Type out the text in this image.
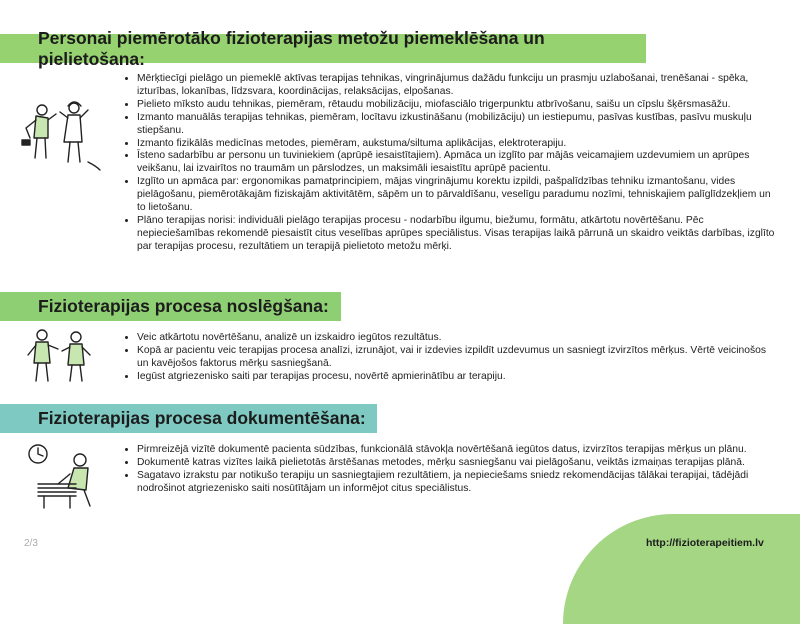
Personai piemērotāko fizioterapijas metožu piemeklēšana un pielietošana:
• Mērķtiecīgi pielāgo un piemeklē aktīvas terapijas tehnikas, vingrinājumus dažādu funkciju un prasmju uzlabošanai, trenēšanai - spēka, izturības, lokanības, līdzsvara, koordinācijas, relaksācijas, elpošanas.
• Pielieto mīksto audu tehnikas, piemēram, rētaudu mobilizāciju, miofasciālo trigerpunktu atbrīvošanu, saišu un cīpslu šķērsmasāžu.
• Izmanto manuālās terapijas tehnikas, piemēram, locītavu izkustināšanu (mobilizāciju) un iestiepumu, pasīvas kustības, pasīvu muskuļu stiepšanu.
• Izmanto fizikālās medicīnas metodes, piemēram, aukstuma/siltuma aplikācijas, elektroterapiju.
• Īsteno sadarbību ar personu un tuviniekiem (aprūpē iesaistītajiem). Apmāca un izglīto par mājās veicamajiem uzdevumiem un aprūpes veikšanu, lai izvairītos no traumām un pārslodzes, un maksimāli iesaistītu aprūpē pacientu.
• Izglīto un apmāca par: ergonomikas pamatprincipiem, mājas vingrinājumu korektu izpildi, pašpalīdzības tehniku izmantošanu, vides pielāgošanu, piemērotākajām fiziskajām aktivitātēm, sāpēm un to pārvaldīšanu, veselīgu paradumu nozīmi, tehniskajiem palīglīdzekļiem un to lietošanu.
• Plāno terapijas norisi: individuāli pielāgo terapijas procesu - nodarbību ilgumu, biežumu, formātu, atkārtotu novērtēšanu. Pēc nepieciešamības rekomendē piesaistīt citus veselības aprūpes speciālistus. Visas terapijas laikā pārrunā un skaidro veiktās darbības, izglīto par terapijas procesu, rezultātiem un terapijā pielietoto metožu mērķi.
Fizioterapijas procesa noslēgšana:
• Veic atkārtotu novērtēšanu, analizē un izskaidro iegūtos rezultātus.
• Kopā ar pacientu veic terapijas procesa analīzi, izrunājot, vai ir izdevies izpildīt uzdevumus un sasniegt izvirzītos mērķus. Vērtē veicinošos un kavējošos faktorus mērķu sasniegšanā.
• Iegūst atgriezenisko saiti par terapijas procesu, novērtē apmierinātību ar terapiju.
Fizioterapijas procesa dokumentēšana:
• Pirmreizējā vizītē dokumentē pacienta sūdzības, funkcionālā stāvokļa novērtēšanā iegūtos datus, izvirzītos terapijas mērķus un plānu.
• Dokumentē katras vizītes laikā pielietotās ārstēšanas metodes, mērķu sasniegšanu vai pielāgošanu, veiktās izmaiņas terapijas plānā.
• Sagatavo izrakstu par notikušo terapiju un sasniegtajiem rezultātiem, ja nepieciešams sniedz rekomendācijas tālākai terapijai, tādējādi nodrošinot atgriezenisko saiti nosūtītājam un informējot citus speciālistus.
2/3	http://fizioterapeitiem.lv
